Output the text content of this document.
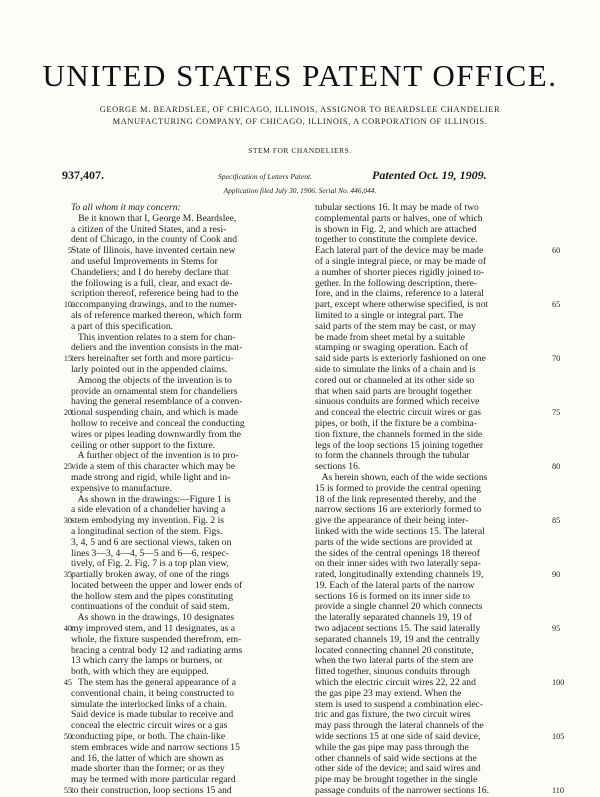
UNITED STATES PATENT OFFICE.
GEORGE M. BEARDSLEE, OF CHICAGO, ILLINOIS, ASSIGNOR TO BEARDSLEE CHANDELIER
MANUFACTURING COMPANY, OF CHICAGO, ILLINOIS, A CORPORATION OF ILLINOIS.
STEM FOR CHANDELIERS.
937,407.	Specification of Letters Patent.	Patented Oct. 19, 1909.
Application filed July 30, 1906. Serial No. 446,044.
To all whom it may concern:
Be it known that I, George M. Beardslee,
a citizen of the United States, and a resi-
dent of Chicago, in the county of Cook and
State of Illinois, have invented certain new
and useful Improvements in Stems for
Chandeliers; and I do hereby declare that
the following is a full, clear, and exact de-
scription thereof, reference being had to the
accompanying drawings, and to the numer-
als of reference marked thereon, which form
a part of this specification.
This invention relates to a stem for chan-
deliers and the invention consists in the mat-
ters hereinafter set forth and more particu-
larly pointed out in the appended claims.
Among the objects of the invention is to
provide an ornamental stem for chandeliers
having the general resemblance of a conven-
tional suspending chain, and which is made
hollow to receive and conceal the conducting
wires or pipes leading downwardly from the
ceiling or other support to the fixture.
A further object of the invention is to pro-
vide a stem of this character which may be
made strong and rigid, while light and in-
expensive to manufacture.
As shown in the drawings:—Figure 1 is
a side elevation of a chandelier having a
stem embodying my invention. Fig. 2 is
a longitudinal section of the stem. Figs.
3, 4, 5 and 6 are sectional views, taken on
lines 3—3, 4—4, 5—5 and 6—6, respec-
tively, of Fig. 2. Fig. 7 is a top plan view,
partially broken away, of one of the rings
located between the upper and lower ends of
the hollow stem and the pipes constituting
continuations of the conduit of said stem.
As shown in the drawings, 10 designates
my improved stem, and 11 designates, as a
whole, the fixture suspended therefrom, em-
bracing a central body 12 and radiating arms
13 which carry the lamps or burners, or
both, with which they are equipped.
The stem has the general appearance of a
conventional chain, it being constructed to
simulate the interlocked links of a chain.
Said device is made tubular to receive and
conceal the electric circuit wires or a gas
conducting pipe, or both. The chain-like
stem embraces wide and narrow sections 15
and 16, the latter of which are shown as
made shorter than the former; or as they
may be termed with more particular regard
to their construction, loop sections 15 and
tubular sections 16. It may be made of two
complemental parts or halves, one of which
is shown in Fig. 2, and which are attached
together to constitute the complete device.
Each lateral part of the device may be made
of a single integral piece, or may be made of
a number of shorter pieces rigidly joined to-
gether. In the following description, there-
fore, and in the claims, reference to a lateral
part, except where otherwise specified, is not
limited to a single or integral part. The
said parts of the stem may be cast, or may
be made from sheet metal by a suitable
stamping or swaging operation. Each of
said side parts is exteriorly fashioned on one
side to simulate the links of a chain and is
cored out or channeled at its other side so
that when said parts are brought together
sinuous conduits are formed which receive
and conceal the electric circuit wires or gas
pipes, or both, if the fixture be a combina-
tion fixture, the channels formed in the side
legs of the loop sections 15 joining together
to form the channels through the tubular
sections 16.
As herein shown, each of the wide sections
15 is formed to provide the central opening
18 of the link represented thereby, and the
narrow sections 16 are exteriorly formed to
give the appearance of their being inter-
linked with the wide sections 15. The lateral
parts of the wide sections are provided at
the sides of the central openings 18 thereof
on their inner sides with two laterally sepa-
rated, longitudinally extending channels 19,
19. Each of the lateral parts of the narrow
sections 16 is formed on its inner side to
provide a single channel 20 which connects
the laterally separated channels 19, 19 of
two adjacent sections 15. The said laterally
separated channels 19, 19 and the centrally
located connecting channel 20 constitute,
when the two lateral parts of the stem are
fitted together, sinuous conduits through
which the electric circuit wires 22, 22 and
the gas pipe 23 may extend. When the
stem is used to suspend a combination elec-
tric and gas fixture, the two circuit wires
may pass through the lateral channels of the
wide sections 15 at one side of said device,
while the gas pipe may pass through the
other channels of said wide sections at the
other side of the device; and said wires and
pipe may be brought together in the single
passage conduits of the narrower sections 16.
5
10
15
20
25
30
35
40
45
50
55
60
65
70
75
80
85
90
95
100
105
110
